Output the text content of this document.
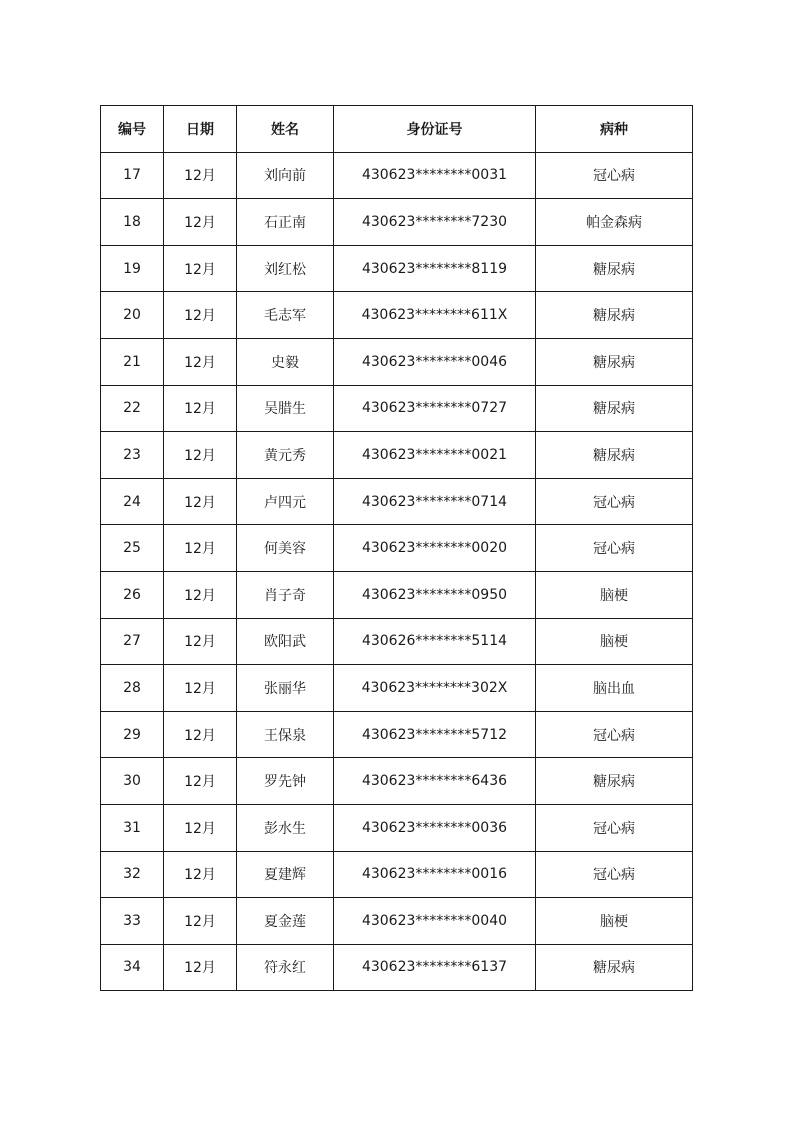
编号	日期	姓名	身份证号	病种
17	12月	刘向前	430623********0031	冠心病
18	12月	石正南	430623********7230	帕金森病
19	12月	刘红松	430623********8119	糖尿病
20	12月	毛志军	430623********611X	糖尿病
21	12月	史毅	430623********0046	糖尿病
22	12月	吴腊生	430623********0727	糖尿病
23	12月	黄元秀	430623********0021	糖尿病
24	12月	卢四元	430623********0714	冠心病
25	12月	何美容	430623********0020	冠心病
26	12月	肖子奇	430623********0950	脑梗
27	12月	欧阳武	430626********5114	脑梗
28	12月	张丽华	430623********302X	脑出血
29	12月	王保泉	430623********5712	冠心病
30	12月	罗先钟	430623********6436	糖尿病
31	12月	彭水生	430623********0036	冠心病
32	12月	夏建辉	430623********0016	冠心病
33	12月	夏金莲	430623********0040	脑梗
34	12月	符永红	430623********6137	糖尿病
